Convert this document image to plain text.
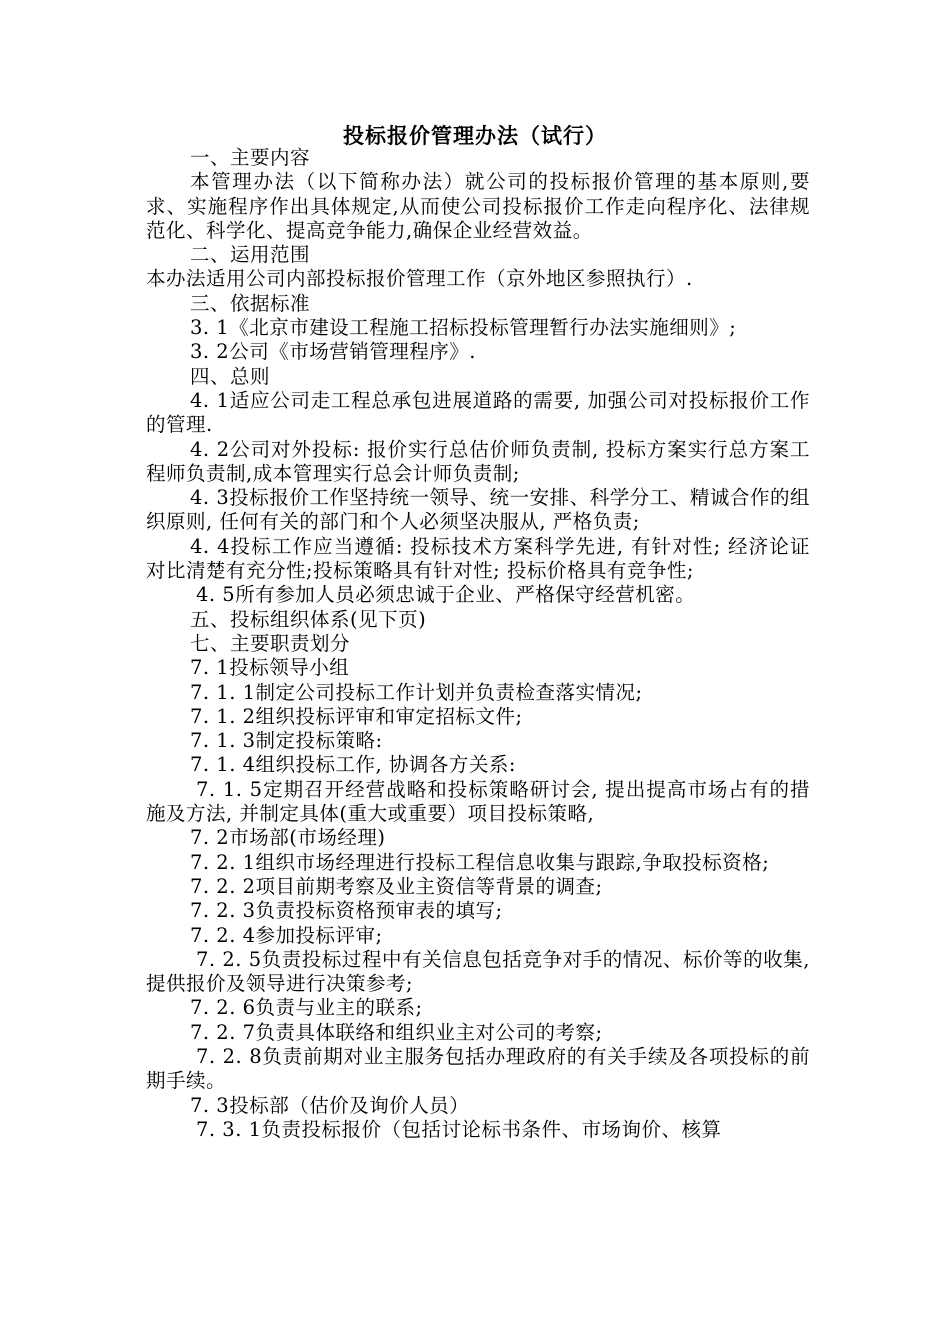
投标报价管理办法（试行）

一、主要内容

本管理办法（以下简称办法）就公司的投标报价管理的基本原则,要求、实施程序作出具体规定,从而使公司投标报价工作走向程序化、法律规范化、科学化、提高竞争能力,确保企业经营效益。

二、运用范围

本办法适用公司内部投标报价管理工作（京外地区参照执行）.

三、依据标准

3. 1《北京市建设工程施工招标投标管理暂行办法实施细则》;

3. 2公司《市场营销管理程序》.

四、总则

4. 1适应公司走工程总承包进展道路的需要, 加强公司对投标报价工作的管理.

4. 2公司对外投标: 报价实行总估价师负责制, 投标方案实行总方案工程师负责制,成本管理实行总会计师负责制;

4. 3投标报价工作坚持统一领导、统一安排、科学分工、精诚合作的组织原则, 任何有关的部门和个人必须坚决服从, 严格负责;

4. 4投标工作应当遵循: 投标技术方案科学先进, 有针对性; 经济论证对比清楚有充分性;投标策略具有针对性; 投标价格具有竞争性;

4. 5所有参加人员必须忠诚于企业、严格保守经营机密。

五、投标组织体系(见下页)

七、主要职责划分

7. 1投标领导小组

7. 1. 1制定公司投标工作计划并负责检查落实情况;

7. 1. 2组织投标评审和审定招标文件;

7. 1. 3制定投标策略:

7. 1. 4组织投标工作, 协调各方关系:

7. 1. 5定期召开经营战略和投标策略研讨会, 提出提高市场占有的措施及方法, 并制定具体(重大或重要）项目投标策略,

7. 2市场部(市场经理)

7. 2. 1组织市场经理进行投标工程信息收集与跟踪,争取投标资格;

7. 2. 2项目前期考察及业主资信等背景的调查;

7. 2. 3负责投标资格预审表的填写;

7. 2. 4参加投标评审;

7. 2. 5负责投标过程中有关信息包括竞争对手的情况、标价等的收集, 提供报价及领导进行决策参考;

7. 2. 6负责与业主的联系;

7. 2. 7负责具体联络和组织业主对公司的考察;

7. 2. 8负责前期对业主服务包括办理政府的有关手续及各项投标的前期手续。

7. 3投标部（估价及询价人员）

7. 3. 1负责投标报价（包括讨论标书条件、市场询价、核算
